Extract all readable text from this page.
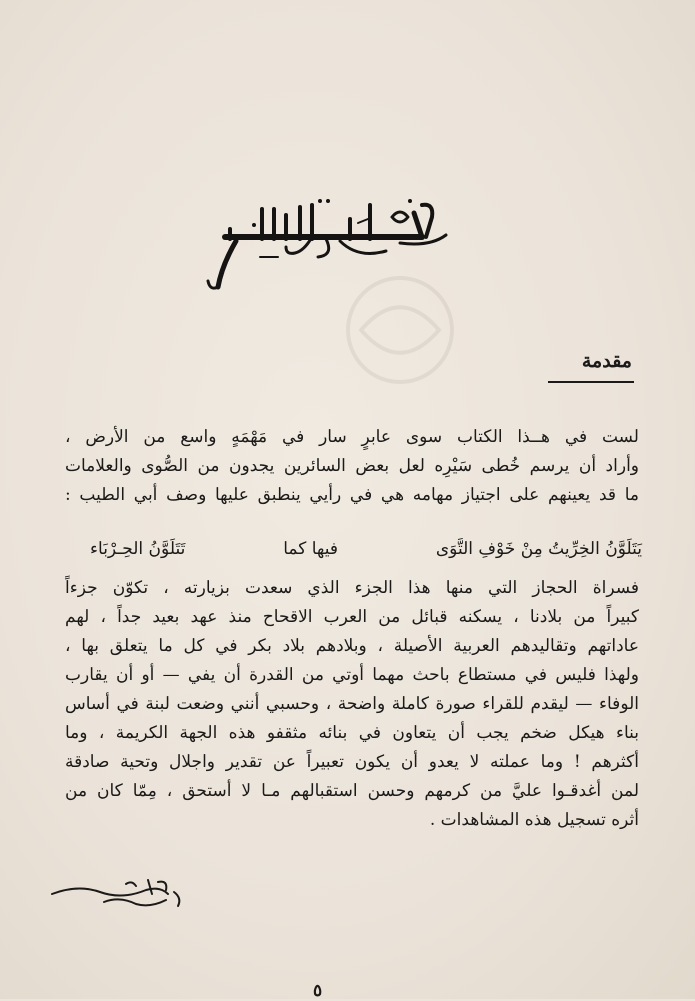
مقدمة
لست في هــذا الكتاب سوى عابرٍ سار في مَهْمَهٍ واسع من الأرض ،
وأراد أن يرسم خُطى سَيْرِه لعل بعض السائرين يجدون من الصُّوى والعلامات
ما قد يعينهم على اجتياز مهامه هي في رأيي ينطبق عليها وصف أبي الطيب :
يَتَلَوَّنُ الخِرِّيتُ مِنْ خَوْفِ التَّوَى
فيها كما
تَتَلَوَّنُ الحِـرْبَاء
فسراة الحجاز التي منها هذا الجزء الذي سعدت بزيارته ، تكوّن جزءاً
كبيراً من بلادنا ، يسكنه قبائل من العرب الاقحاح منذ عهد بعيد جداً ، لهم
عاداتهم وتقاليدهم العربية الأصيلة ، وبلادهم بلاد بكر في كل ما يتعلق بها ،
ولهذا فليس في مستطاع باحث مهما أوتي من القدرة أن يفي — أو أن يقارب
الوفاء — ليقدم للقراء صورة كاملة واضحة ، وحسبي أنني وضعت لبنة في أساس
بناء هيكل ضخم يجب أن يتعاون في بنائه مثقفو هذه الجهة الكريمة ، وما
أكثرهم ! وما عملته لا يعدو أن يكون تعبيراً عن تقدير واجلال وتحية صادقة
لمن أغدقـوا عليَّ من كرمهم وحسن استقبالهم مـا لا أستحق ، مِمّا كان من
أثره تسجيل هذه المشاهدات .
٥
